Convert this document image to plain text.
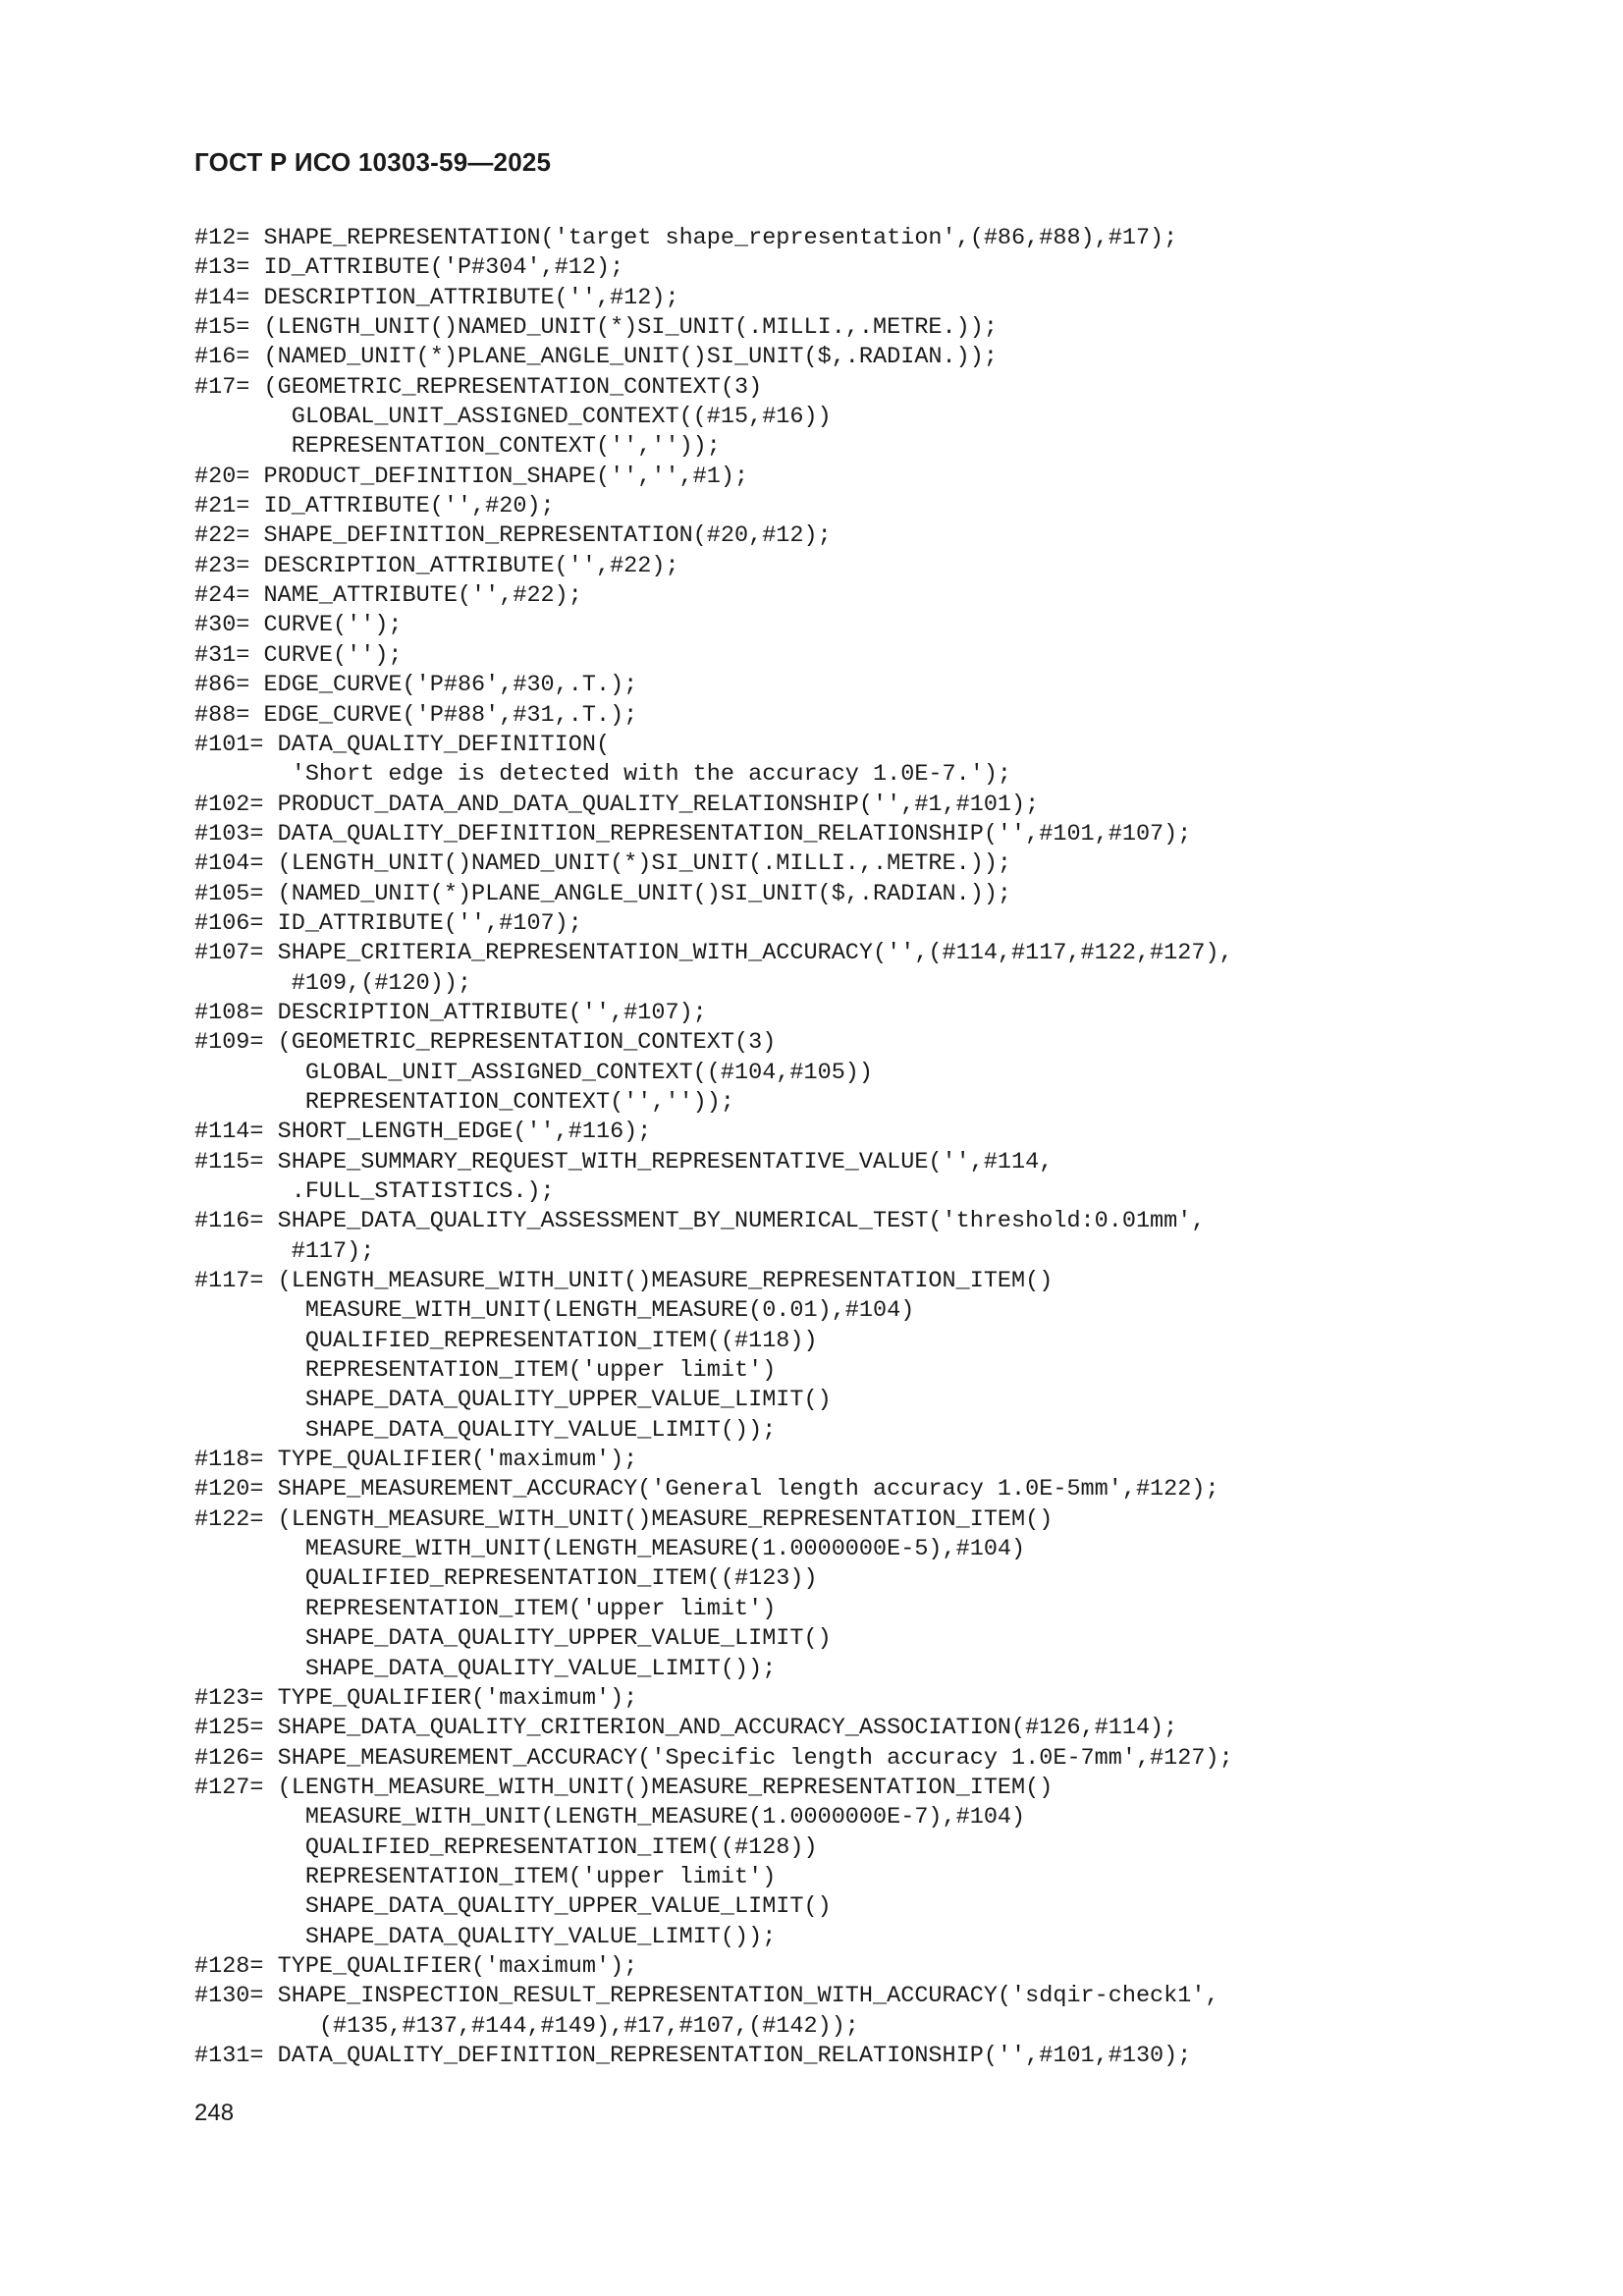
ГОСТ Р ИСО 10303-59—2025
#12= SHAPE_REPRESENTATION('target shape_representation',(#86,#88),#17);
#13= ID_ATTRIBUTE('P#304',#12);
#14= DESCRIPTION_ATTRIBUTE('',#12);
#15= (LENGTH_UNIT()NAMED_UNIT(*)SI_UNIT(.MILLI.,.METRE.));
#16= (NAMED_UNIT(*)PLANE_ANGLE_UNIT()SI_UNIT($,.RADIAN.));
#17= (GEOMETRIC_REPRESENTATION_CONTEXT(3)
GLOBAL_UNIT_ASSIGNED_CONTEXT((#15,#16))
REPRESENTATION_CONTEXT('',''));
#20= PRODUCT_DEFINITION_SHAPE('','',#1);
#21= ID_ATTRIBUTE('',#20);
#22= SHAPE_DEFINITION_REPRESENTATION(#20,#12);
#23= DESCRIPTION_ATTRIBUTE('',#22);
#24= NAME_ATTRIBUTE('',#22);
#30= CURVE('');
#31= CURVE('');
#86= EDGE_CURVE('P#86',#30,.T.);
#88= EDGE_CURVE('P#88',#31,.T.);
#101= DATA_QUALITY_DEFINITION(
'Short edge is detected with the accuracy 1.0E-7.');
#102= PRODUCT_DATA_AND_DATA_QUALITY_RELATIONSHIP('',#1,#101);
#103= DATA_QUALITY_DEFINITION_REPRESENTATION_RELATIONSHIP('',#101,#107);
#104= (LENGTH_UNIT()NAMED_UNIT(*)SI_UNIT(.MILLI.,.METRE.));
#105= (NAMED_UNIT(*)PLANE_ANGLE_UNIT()SI_UNIT($,.RADIAN.));
#106= ID_ATTRIBUTE('',#107);
#107= SHAPE_CRITERIA_REPRESENTATION_WITH_ACCURACY('',(#114,#117,#122,#127),
#109,(#120));
#108= DESCRIPTION_ATTRIBUTE('',#107);
#109= (GEOMETRIC_REPRESENTATION_CONTEXT(3)
GLOBAL_UNIT_ASSIGNED_CONTEXT((#104,#105))
REPRESENTATION_CONTEXT('',''));
#114= SHORT_LENGTH_EDGE('',#116);
#115= SHAPE_SUMMARY_REQUEST_WITH_REPRESENTATIVE_VALUE('',#114,
.FULL_STATISTICS.);
#116= SHAPE_DATA_QUALITY_ASSESSMENT_BY_NUMERICAL_TEST('threshold:0.01mm',
#117);
#117= (LENGTH_MEASURE_WITH_UNIT()MEASURE_REPRESENTATION_ITEM()
MEASURE_WITH_UNIT(LENGTH_MEASURE(0.01),#104)
QUALIFIED_REPRESENTATION_ITEM((#118))
REPRESENTATION_ITEM('upper limit')
SHAPE_DATA_QUALITY_UPPER_VALUE_LIMIT()
SHAPE_DATA_QUALITY_VALUE_LIMIT());
#118= TYPE_QUALIFIER('maximum');
#120= SHAPE_MEASUREMENT_ACCURACY('General length accuracy 1.0E-5mm',#122);
#122= (LENGTH_MEASURE_WITH_UNIT()MEASURE_REPRESENTATION_ITEM()
MEASURE_WITH_UNIT(LENGTH_MEASURE(1.0000000E-5),#104)
QUALIFIED_REPRESENTATION_ITEM((#123))
REPRESENTATION_ITEM('upper limit')
SHAPE_DATA_QUALITY_UPPER_VALUE_LIMIT()
SHAPE_DATA_QUALITY_VALUE_LIMIT());
#123= TYPE_QUALIFIER('maximum');
#125= SHAPE_DATA_QUALITY_CRITERION_AND_ACCURACY_ASSOCIATION(#126,#114);
#126= SHAPE_MEASUREMENT_ACCURACY('Specific length accuracy 1.0E-7mm',#127);
#127= (LENGTH_MEASURE_WITH_UNIT()MEASURE_REPRESENTATION_ITEM()
MEASURE_WITH_UNIT(LENGTH_MEASURE(1.0000000E-7),#104)
QUALIFIED_REPRESENTATION_ITEM((#128))
REPRESENTATION_ITEM('upper limit')
SHAPE_DATA_QUALITY_UPPER_VALUE_LIMIT()
SHAPE_DATA_QUALITY_VALUE_LIMIT());
#128= TYPE_QUALIFIER('maximum');
#130= SHAPE_INSPECTION_RESULT_REPRESENTATION_WITH_ACCURACY('sdqir-check1',
(#135,#137,#144,#149),#17,#107,(#142));
#131= DATA_QUALITY_DEFINITION_REPRESENTATION_RELATIONSHIP('',#101,#130);
248
